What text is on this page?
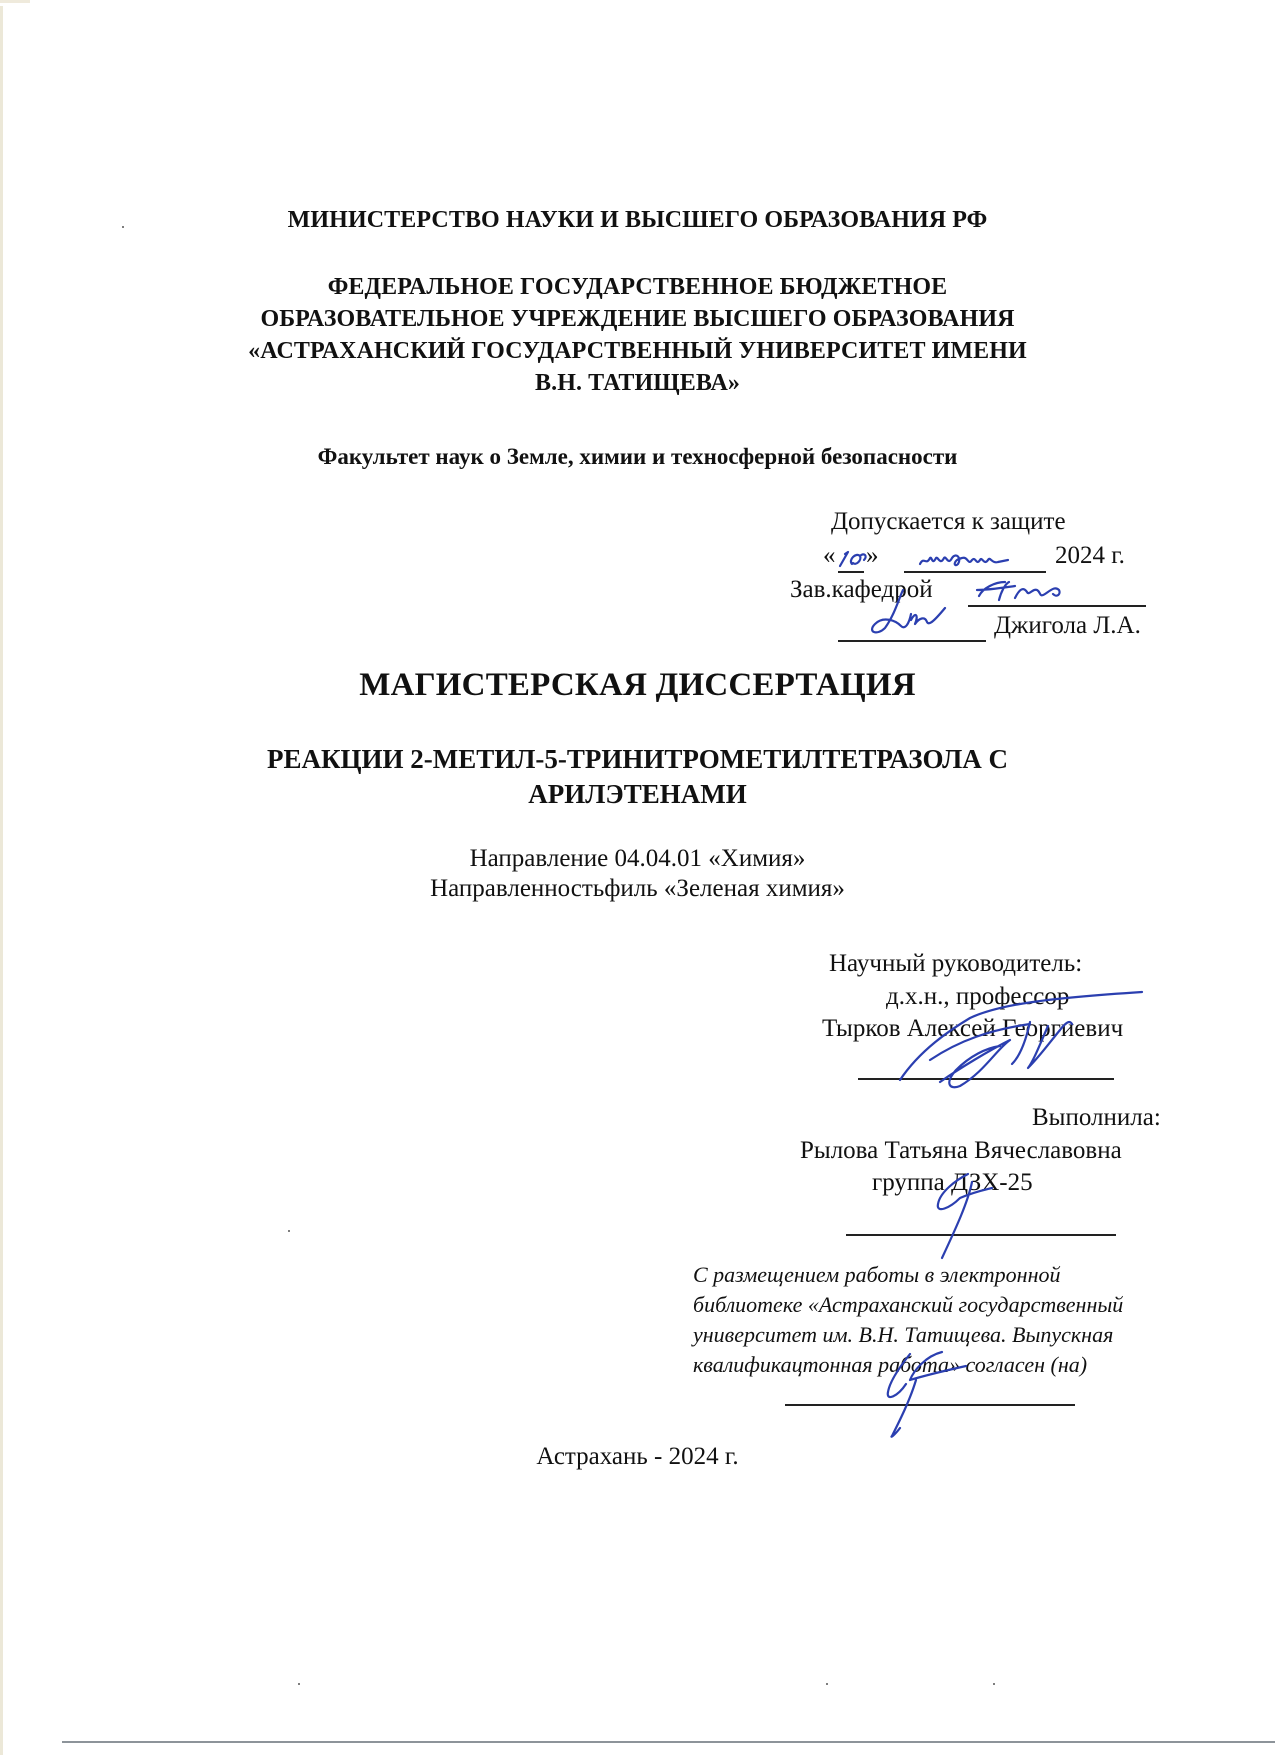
МИНИСТЕРСТВО НАУКИ И ВЫСШЕГО ОБРАЗОВАНИЯ РФ
ФЕДЕРАЛЬНОЕ ГОСУДАРСТВЕННОЕ БЮДЖЕТНОЕ
ОБРАЗОВАТЕЛЬНОЕ УЧРЕЖДЕНИЕ ВЫСШЕГО ОБРАЗОВАНИЯ
«АСТРАХАНСКИЙ ГОСУДАРСТВЕННЫЙ УНИВЕРСИТЕТ ИМЕНИ
В.Н. ТАТИЩЕВА»
Факультет наук о Земле, химии и техносферной безопасности
Допускается к защите
« »	2024 г.
Зав.кафедрой
Джигола Л.А.
МАГИСТЕРСКАЯ ДИССЕРТАЦИЯ
РЕАКЦИИ 2-МЕТИЛ-5-ТРИНИТРОМЕТИЛТЕТРАЗОЛА С
АРИЛЭТЕНАМИ
Направление 04.04.01 «Химия»
Направленностьфиль «Зеленая химия»
Научный руководитель:
д.х.н., профессор
Тырков Алексей Георгиевич
Выполнила:
Рылова Татьяна Вячеславовна
группа ДЗХ-25
С размещением работы в электронной
библиотеке «Астраханский государственный
университет им. В.Н. Татищева. Выпускная
квалификацтонная работа» согласен (на)
Астрахань - 2024 г.
